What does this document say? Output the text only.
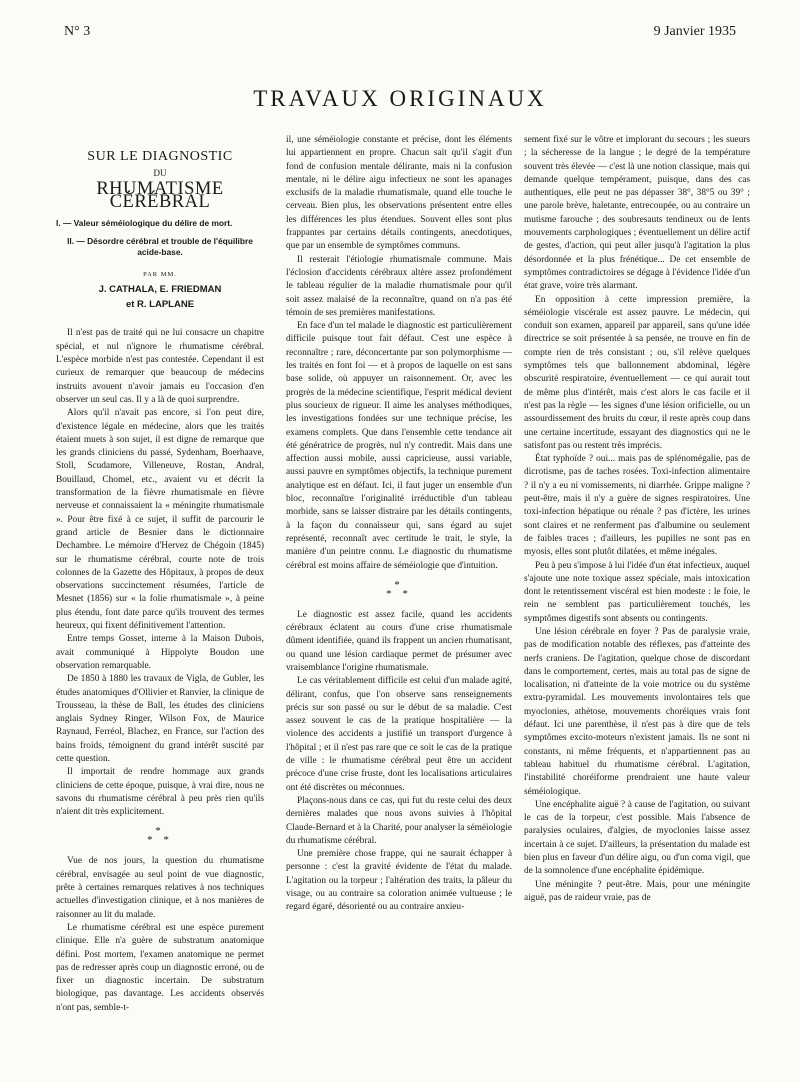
N° 3	9 Janvier 1935
TRAVAUX ORIGINAUX
SUR LE DIAGNOSTIC
DU
RHUMATISME CÉRÉBRAL
I. — Valeur séméiologique du délire de mort.
II. — Désordre cérébral et trouble de l'équilibre acide-base.
PAR MM.
J. CATHALA, E. FRIEDMAN
et R. LAPLANE

Il n'est pas de traité qui ne lui consacre un chapitre spécial, et nul n'ignore le rhumatisme cérébral. L'espèce morbide n'est pas contestée. Cependant il est curieux de remarquer que beaucoup de médecins instruits avouent n'avoir jamais eu l'occasion d'en observer un seul cas. Il y a là de quoi surprendre.

Alors qu'il n'avait pas encore, si l'on peut dire, d'existence légale en médecine, alors que les traités étaient muets à son sujet, il est digne de remarque que les grands cliniciens du passé, Sydenham, Boerhaave, Stoll, Scudamore, Villeneuve, Rostan, Andral, Bouillaud, Chomel, etc., avaient vu et décrit la transformation de la fièvre rhumatismale en fièvre nerveuse et connaissaient la « méningite rhumatismale ». Pour être fixé à ce sujet, il suffit de parcourir le grand article de Besnier dans le dictionnaire Dechambre. Le mémoire d'Hervez de Chégoin (1845) sur le rhumatisme cérébral, courte note de trois colonnes de la Gazette des Hôpitaux, à propos de deux observations succinctement résumées, l'article de Mesnet (1856) sur « la folie rhumatismale », à peine plus étendu, font date parce qu'ils trouvent des termes heureux, qui fixent définitivement l'attention.

Entre temps Gosset, interne à la Maison Dubois, avait communiqué à Hippolyte Boudon une observation remarquable.

De 1850 à 1880 les travaux de Vigla, de Gubler, les études anatomiques d'Ollivier et Ranvier, la clinique de Trousseau, la thèse de Ball, les études des cliniciens anglais Sydney Ringer, Wilson Fox, de Maurice Raynaud, Ferréol, Blachez, en France, sur l'action des bains froids, témoignent du grand intérêt suscité par cette question.

Il importait de rendre hommage aux grands cliniciens de cette époque, puisque, à vrai dire, nous ne savons du rhumatisme cérébral à peu près rien qu'ils n'aient dit très explicitement.

*
* *

Vue de nos jours, la question du rhumatisme cérébral, envisagée au seul point de vue diagnostic, prête à certaines remarques relatives à nos techniques actuelles d'investigation clinique, et à nos manières de raisonner au lit du malade.

Le rhumatisme cérébral est une espèce purement clinique. Elle n'a guère de substratum anatomique défini. Post mortem, l'examen anatomique ne permet pas de redresser après coup un diagnostic erroné, ou de fixer un diagnostic incertain. De substratum biologique, pas davantage. Les accidents observés n'ont pas, semble-t-

il, une séméiologie constante et précise, dont les éléments lui appartiennent en propre. Chacun sait qu'il s'agit d'un fond de confusion mentale délirante, mais ni la confusion mentale, ni le délire aigu infectieux ne sont les apanages exclusifs de la maladie rhumatismale, quand elle touche le cerveau. Bien plus, les observations présentent entre elles les différences les plus étendues. Souvent elles sont plus frappantes par certains détails contingents, anecdotiques, que par un ensemble de symptômes communs.

Il resterait l'étiologie rhumatismale commune. Mais l'éclosion d'accidents cérébraux altère assez profondément le tableau régulier de la maladie rhumatismale pour qu'il soit assez malaisé de la reconnaître, quand on n'a pas été témoin de ses premières manifestations.

En face d'un tel malade le diagnostic est particulièrement difficile puisque tout fait défaut. C'est une espèce à reconnaître ; rare, déconcertante par son polymorphisme — les traités en font foi — et à propos de laquelle on est sans base solide, où appuyer un raisonnement. Or, avec les progrès de la médecine scientifique, l'esprit médical devient plus soucieux de rigueur. Il aime les analyses méthodiques, les investigations fondées sur une technique précise, les examens complets. Que dans l'ensemble cette tendance ait été génératrice de progrès, nul n'y contredit. Mais dans une affection aussi mobile, aussi capricieuse, aussi variable, aussi pauvre en symptômes objectifs, la technique purement analytique est en défaut. Ici, il faut juger un ensemble d'un bloc, reconnaître l'originalité irréductible d'un tableau morbide, sans se laisser distraire par les détails contingents, à la façon du connaisseur qui, sans égard au sujet représenté, reconnaît avec certitude le trait, le style, la manière d'un peintre connu. Le diagnostic du rhumatisme cérébral est moins affaire de séméiologie que d'intuition.

*
* *

Le diagnostic est assez facile, quand les accidents cérébraux éclatent au cours d'une crise rhumatismale dûment identifiée, quand ils frappent un ancien rhumatisant, ou quand une lésion cardiaque permet de présumer avec vraisemblance l'origine rhumatismale.

Le cas véritablement difficile est celui d'un malade agité, délirant, confus, que l'on observe sans renseignements précis sur son passé ou sur le début de sa maladie. C'est assez souvent le cas de la pratique hospitalière — la violence des accidents a justifié un transport d'urgence à l'hôpital ; et il n'est pas rare que ce soit le cas de la pratique de ville : le rhumatisme cérébral peut être un accident précoce d'une crise fruste, dont les localisations articulaires ont été discrètes ou méconnues.

Plaçons-nous dans ce cas, qui fut du reste celui des deux dernières malades que nous avons suivies à l'hôpital Claude-Bernard et à la Charité, pour analyser la séméiologie du rhumatisme cérébral.

Une première chose frappe, qui ne saurait échapper à personne : c'est la gravité évidente de l'état du malade. L'agitation ou la torpeur ; l'altération des traits, la pâleur du visage, ou au contraire sa coloration animée vultueuse ; le regard égaré, désorienté ou au contraire anxieu-

sement fixé sur le vôtre et implorant du secours ; les sueurs ; la sécheresse de la langue ; le degré de la température souvent très élevée — c'est là une notion classique, mais qui demande quelque tempérament, puisque, dans des cas authentiques, elle peut ne pas dépasser 38°, 38°5 ou 39° ; une parole brève, haletante, entrecoupée, ou au contraire un mutisme farouche ; des soubresauts tendineux ou de lents mouvements carphologiques ; éventuellement un délire actif de gestes, d'action, qui peut aller jusqu'à l'agitation la plus désordonnée et la plus frénétique... De cet ensemble de symptômes contradictoires se dégage à l'évidence l'idée d'un état grave, voire très alarmant.

En opposition à cette impression première, la séméiologie viscérale est assez pauvre. Le médecin, qui conduit son examen, appareil par appareil, sans qu'une idée directrice se soit présentée à sa pensée, ne trouve en fin de compte rien de très consistant ; ou, s'il relève quelques symptômes tels que ballonnement abdominal, légère obscurité respiratoire, éventuellement — ce qui aurait tout de même plus d'intérêt, mais c'est alors le cas facile et il n'est pas la règle — les signes d'une lésion orificielle, ou un assourdissement des bruits du cœur, il reste après coup dans une certaine incertitude, essayant des diagnostics qui ne le satisfont pas ou restent très imprécis.

État typhoïde ? oui... mais pas de splénomégalie, pas de dicrotisme, pas de taches rosées. Toxi-infection alimentaire ? il n'y a eu ni vomissements, ni diarrhée. Grippe maligne ? peut-être, mais il n'y a guère de signes respiratoires. Une toxi-infection hépatique ou rénale ? pas d'ictère, les urines sont claires et ne renferment pas d'albumine ou seulement de faibles traces ; d'ailleurs, les pupilles ne sont pas en myosis, elles sont plutôt dilatées, et même inégales.

Peu à peu s'impose à lui l'idée d'un état infectieux, auquel s'ajoute une note toxique assez spéciale, mais intoxication dont le retentissement viscéral est bien modeste : le foie, le rein ne semblent pas particulièrement touchés, les symptômes digestifs sont absents ou contingents.

Une lésion cérébrale en foyer ? Pas de paralysie vraie, pas de modification notable des réflexes, pas d'atteinte des nerfs craniens. De l'agitation, quelque chose de discordant dans le comportement, certes, mais au total pas de signe de localisation, ni d'atteinte de la voie motrice ou du système extra-pyramidal. Les mouvements involontaires tels que myoclonies, athétose, mouvements choréiques vrais font défaut. Ici une parenthèse, il n'est pas à dire que de tels symptômes excito-moteurs n'existent jamais. Ils ne sont ni constants, ni même fréquents, et n'appartiennent pas au tableau habituel du rhumatisme cérébral. L'agitation, l'instabilité choréiforme prendraient une haute valeur séméiologique.

Une encéphalite aiguë ? à cause de l'agitation, ou suivant le cas de la torpeur, c'est possible. Mais l'absence de paralysies oculaires, d'algies, de myoclonies laisse assez incertain à ce sujet. D'ailleurs, la présentation du malade est bien plus en faveur d'un délire aigu, ou d'un coma vigil, que de la somnolence d'une encéphalite épidémique.

Une méningite ? peut-être. Mais, pour une méningite aiguë, pas de raideur vraie, pas de
